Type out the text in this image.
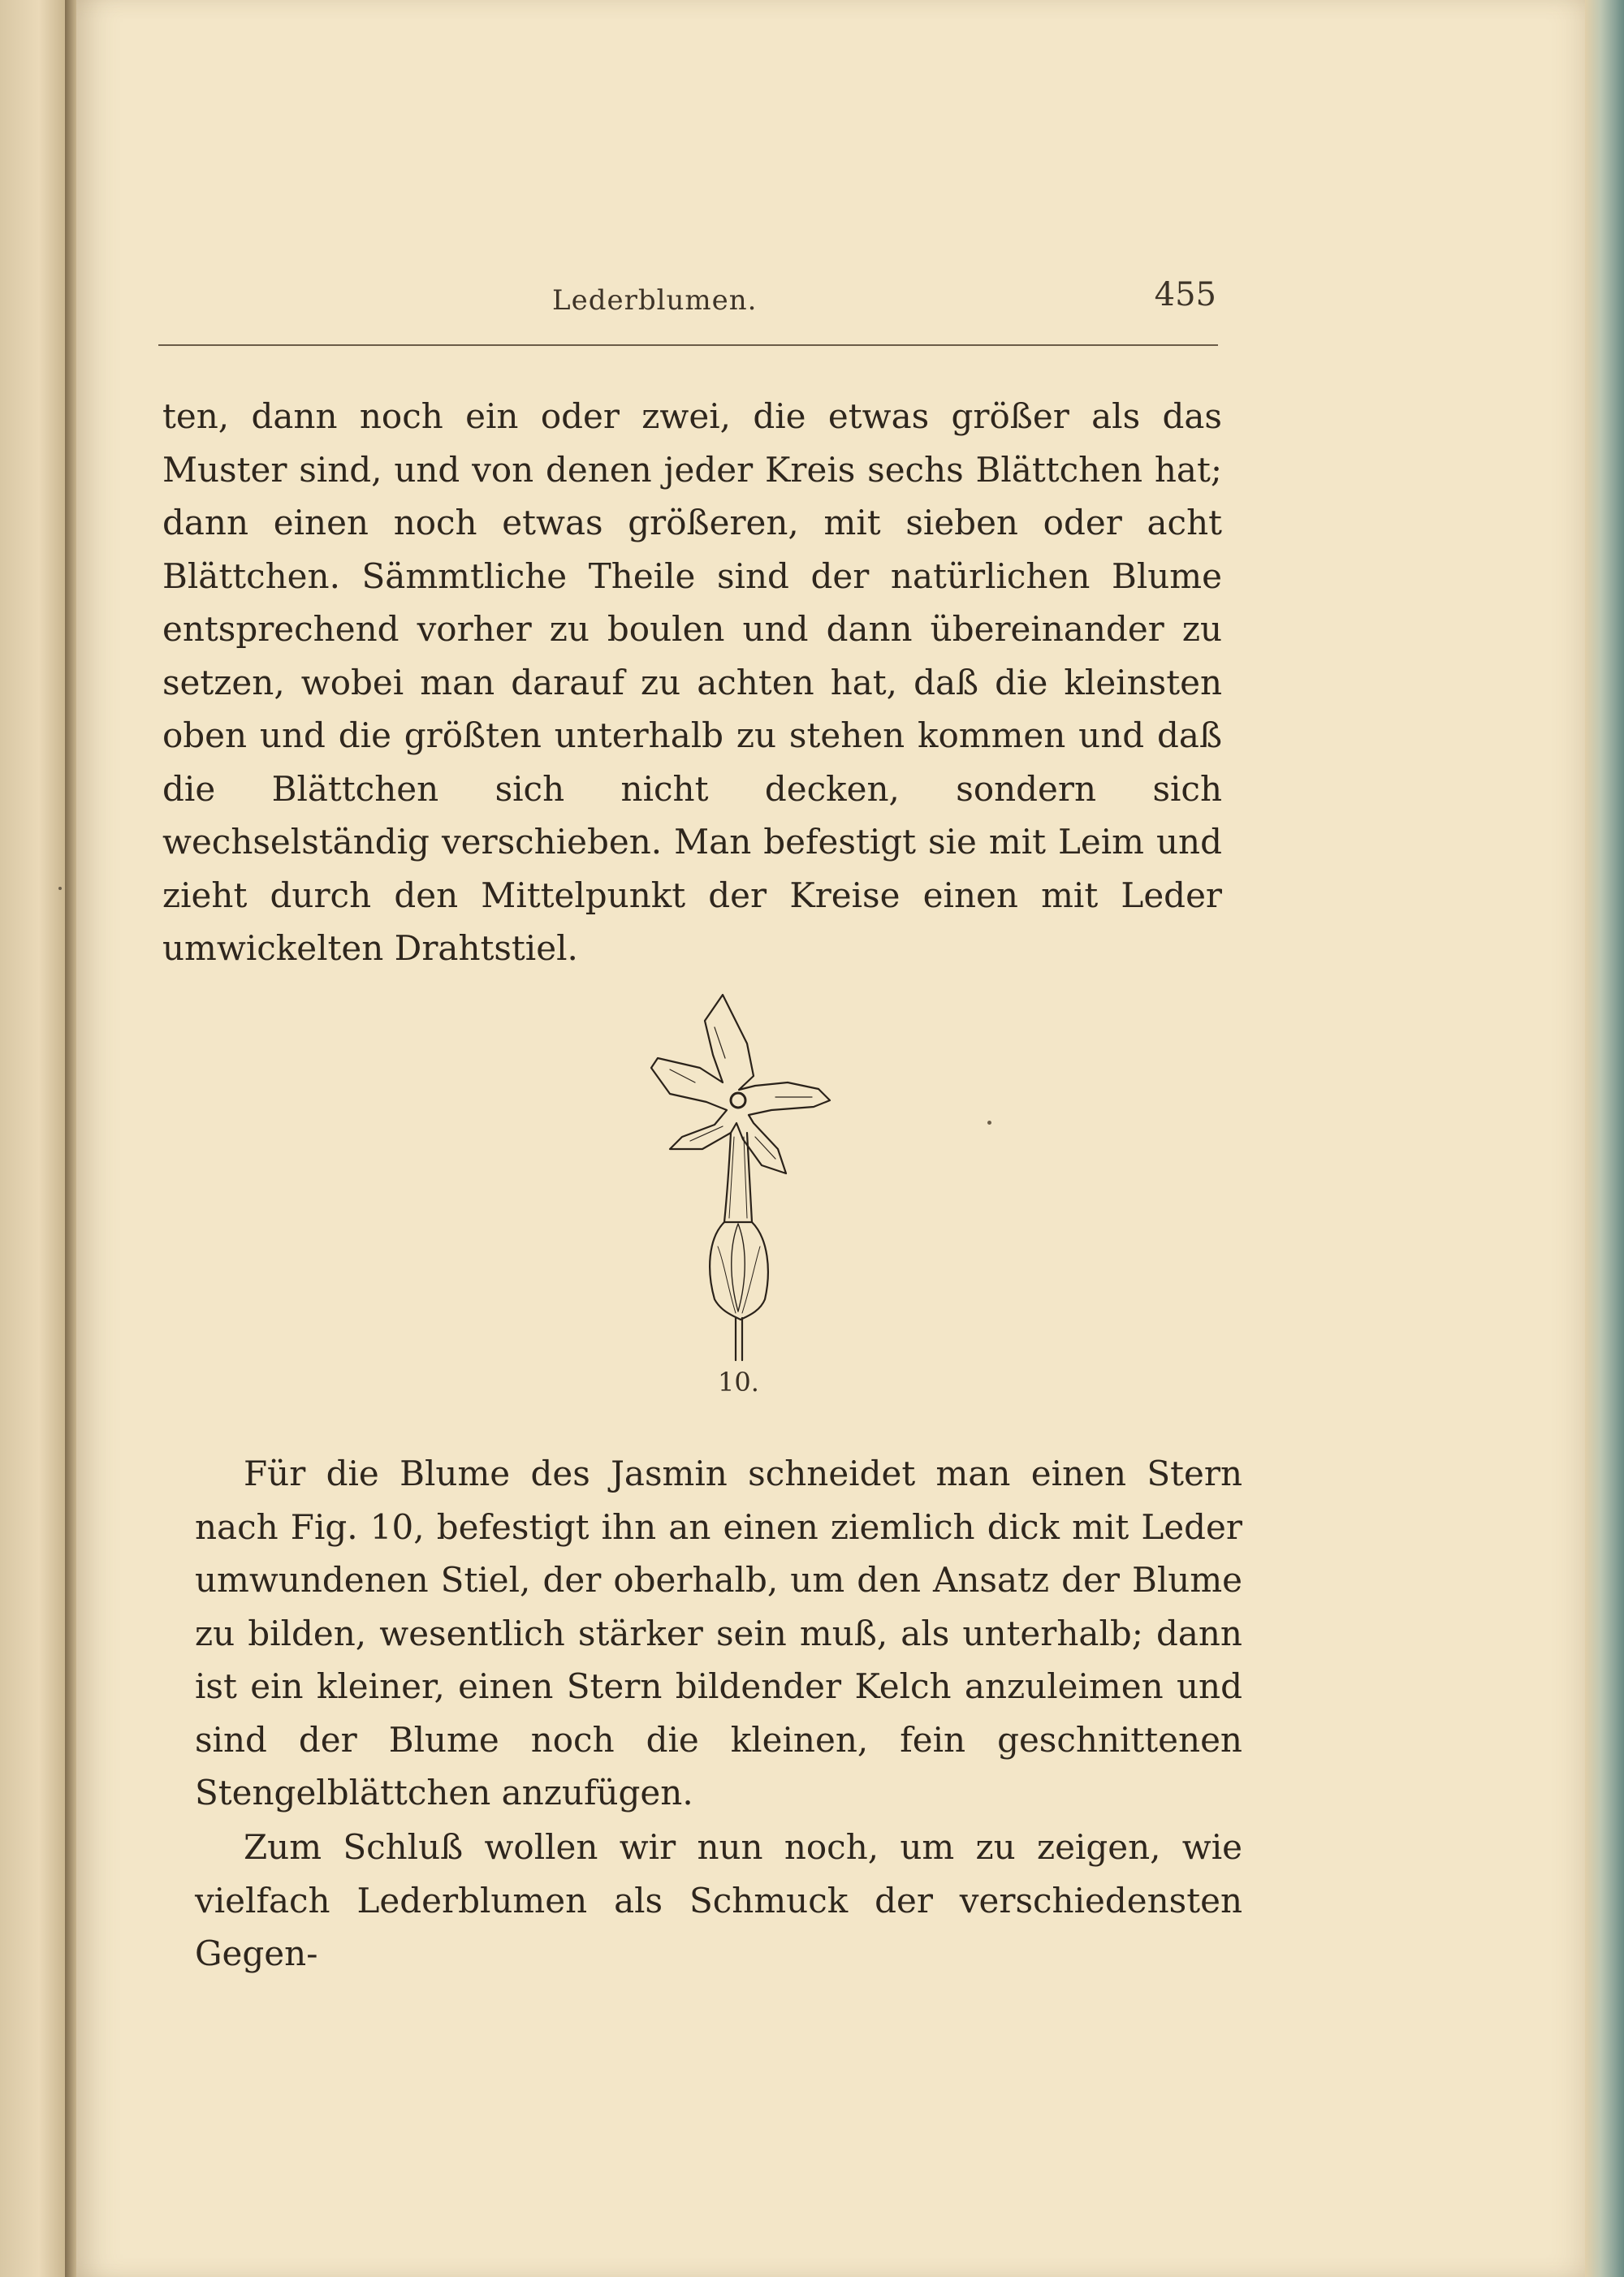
Lederblumen.	455
ten, dann noch ein oder zwei, die etwas größer als das Muster sind, und von denen jeder Kreis sechs Blättchen hat; dann einen noch etwas größeren, mit sieben oder acht Blättchen. Sämmtliche Theile sind der natürlichen Blume entsprechend vorher zu boulen und dann übereinander zu setzen, wobei man darauf zu achten hat, daß die kleinsten oben und die größten unterhalb zu stehen kommen und daß die Blättchen sich nicht decken, sondern sich wechselständig verschieben. Man befestigt sie mit Leim und zieht durch den Mittelpunkt der Kreise einen mit Leder umwickelten Drahtstiel.
10.
Für die Blume des Jasmin schneidet man einen Stern nach Fig. 10, befestigt ihn an einen ziemlich dick mit Leder umwundenen Stiel, der oberhalb, um den Ansatz der Blume zu bilden, wesentlich stärker sein muß, als unterhalb; dann ist ein kleiner, einen Stern bildender Kelch anzuleimen und sind der Blume noch die kleinen, fein geschnittenen Stengelblättchen anzufügen.
Zum Schluß wollen wir nun noch, um zu zeigen, wie vielfach Lederblumen als Schmuck der verschiedensten Gegen-
